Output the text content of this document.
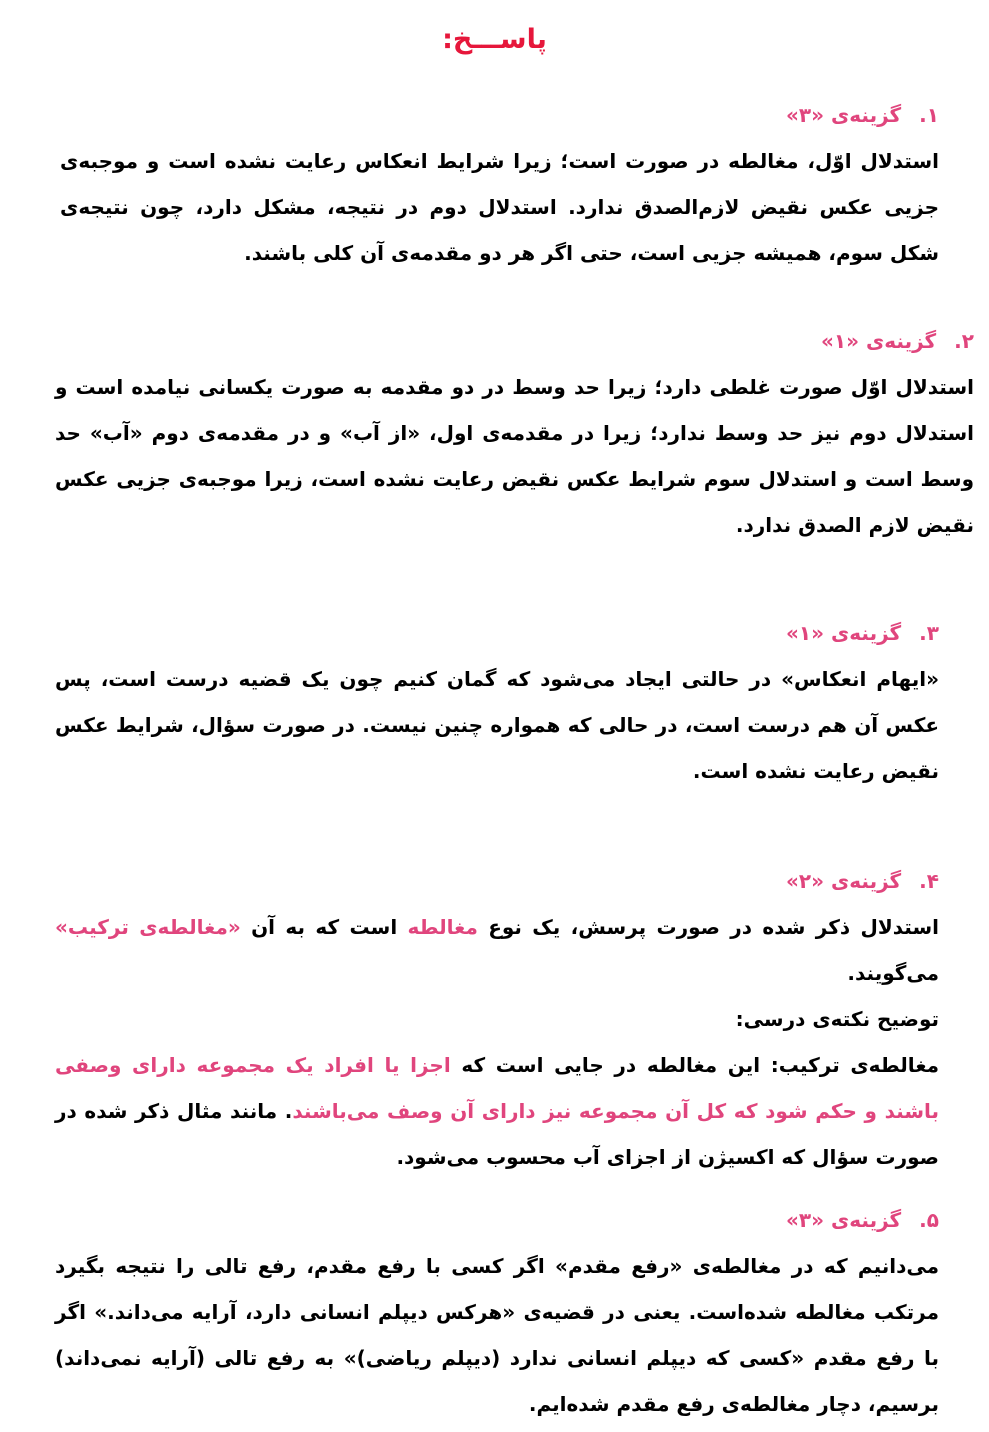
پاســـخ:
۱.گزینه‌ی «۳»

استدلال اوّل، مغالطه در صورت است؛ زیرا شرایط انعکاس رعایت نشده است و موجبه‌ی جزیی عکس نقیض لازم‌الصدق ندارد. استدلال دوم در نتیجه، مشکل دارد، چون نتیجه‌ی شکل سوم، همیشه جزیی است، حتی اگر هر دو مقدمه‌ی آن کلی باشند.

۲.گزینه‌ی «۱»

استدلال اوّل صورت غلطی دارد؛ زیرا حد وسط در دو مقدمه به صورت یکسانی نیامده است و استدلال دوم نیز حد وسط ندارد؛ زیرا در مقدمه‌ی اول، «از آب» و در مقدمه‌ی دوم «آب» حد وسط است و استدلال سوم شرایط عکس نقیض رعایت نشده است، زیرا موجبه‌ی جزیی عکس نقیض لازم الصدق ندارد.

۳.گزینه‌ی «۱»

«ایهام انعکاس» در حالتی ایجاد می‌شود که گمان کنیم چون یک قضیه درست است، پس عکس آن هم درست است، در حالی که همواره چنین نیست. در صورت سؤال، شرایط عکس نقیض رعایت نشده است.

۴.گزینه‌ی «۲»

استدلال ذکر شده در صورت پرسش، یک نوع مغالطه است که به آن «مغالطه‌ی ترکیب» می‌گویند.

توضیح نکته‌ی درسی:

مغالطه‌ی ترکیب: این مغالطه در جایی است که اجزا یا افراد یک مجموعه دارای وصفی باشند و حکم شود که کل آن مجموعه نیز دارای آن وصف می‌باشند. مانند مثال ذکر شده در صورت سؤال که اکسیژن از اجزای آب محسوب می‌شود.

۵.گزینه‌ی «۳»

می‌دانیم که در مغالطه‌ی «رفع مقدم» اگر کسی با رفع مقدم، رفع تالی را نتیجه بگیرد مرتکب مغالطه شده‌است. یعنی در قضیه‌ی «هرکس دیپلم انسانی دارد، آرایه می‌داند.» اگر با رفع مقدم «کسی که دیپلم انسانی ندارد (دیپلم ریاضی)» به رفع تالی (آرایه نمی‌داند) برسیم، دچار مغالطه‌ی رفع مقدم شده‌ایم.
